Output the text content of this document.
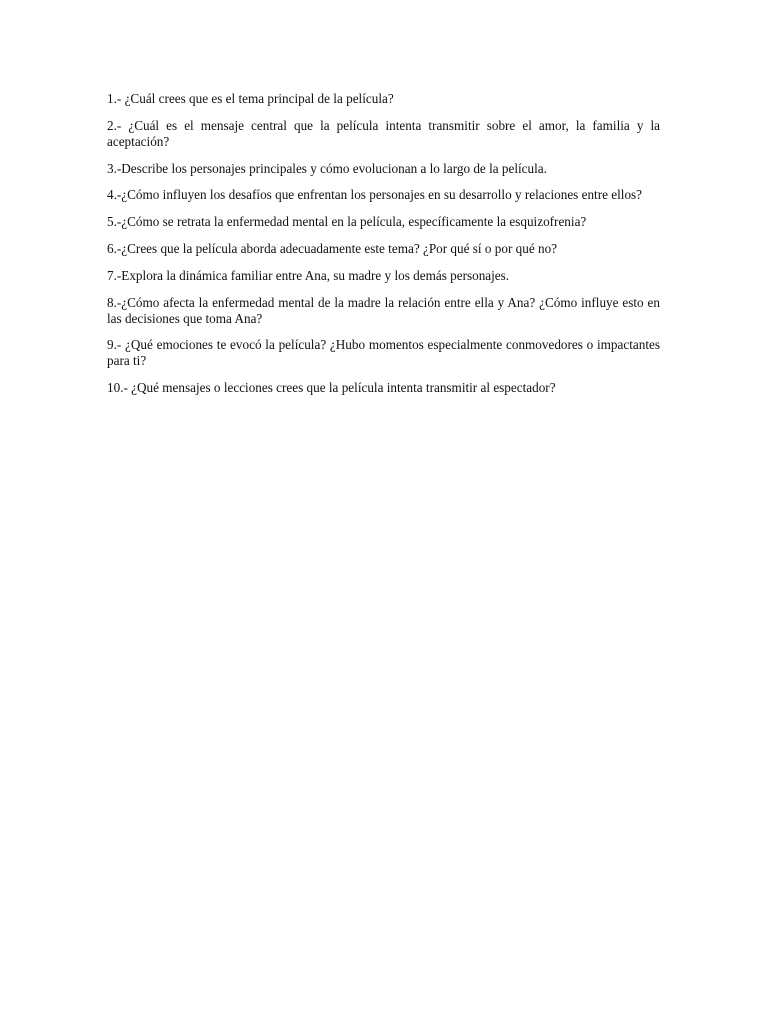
1.- ¿Cuál crees que es el tema principal de la película?
2.- ¿Cuál es el mensaje central que la película intenta transmitir sobre el amor, la familia y la aceptación?
3.-Describe los personajes principales y cómo evolucionan a lo largo de la película.
4.-¿Cómo influyen los desafíos que enfrentan los personajes en su desarrollo y relaciones entre ellos?
5.-¿Cómo se retrata la enfermedad mental en la película, específicamente la esquizofrenia?
6.-¿Crees que la película aborda adecuadamente este tema? ¿Por qué sí o por qué no?
7.-Explora la dinámica familiar entre Ana, su madre y los demás personajes.
8.-¿Cómo afecta la enfermedad mental de la madre la relación entre ella y Ana? ¿Cómo influye esto en las decisiones que toma Ana?
9.- ¿Qué emociones te evocó la película? ¿Hubo momentos especialmente conmovedores o impactantes para ti?
10.- ¿Qué mensajes o lecciones crees que la película intenta transmitir al espectador?
